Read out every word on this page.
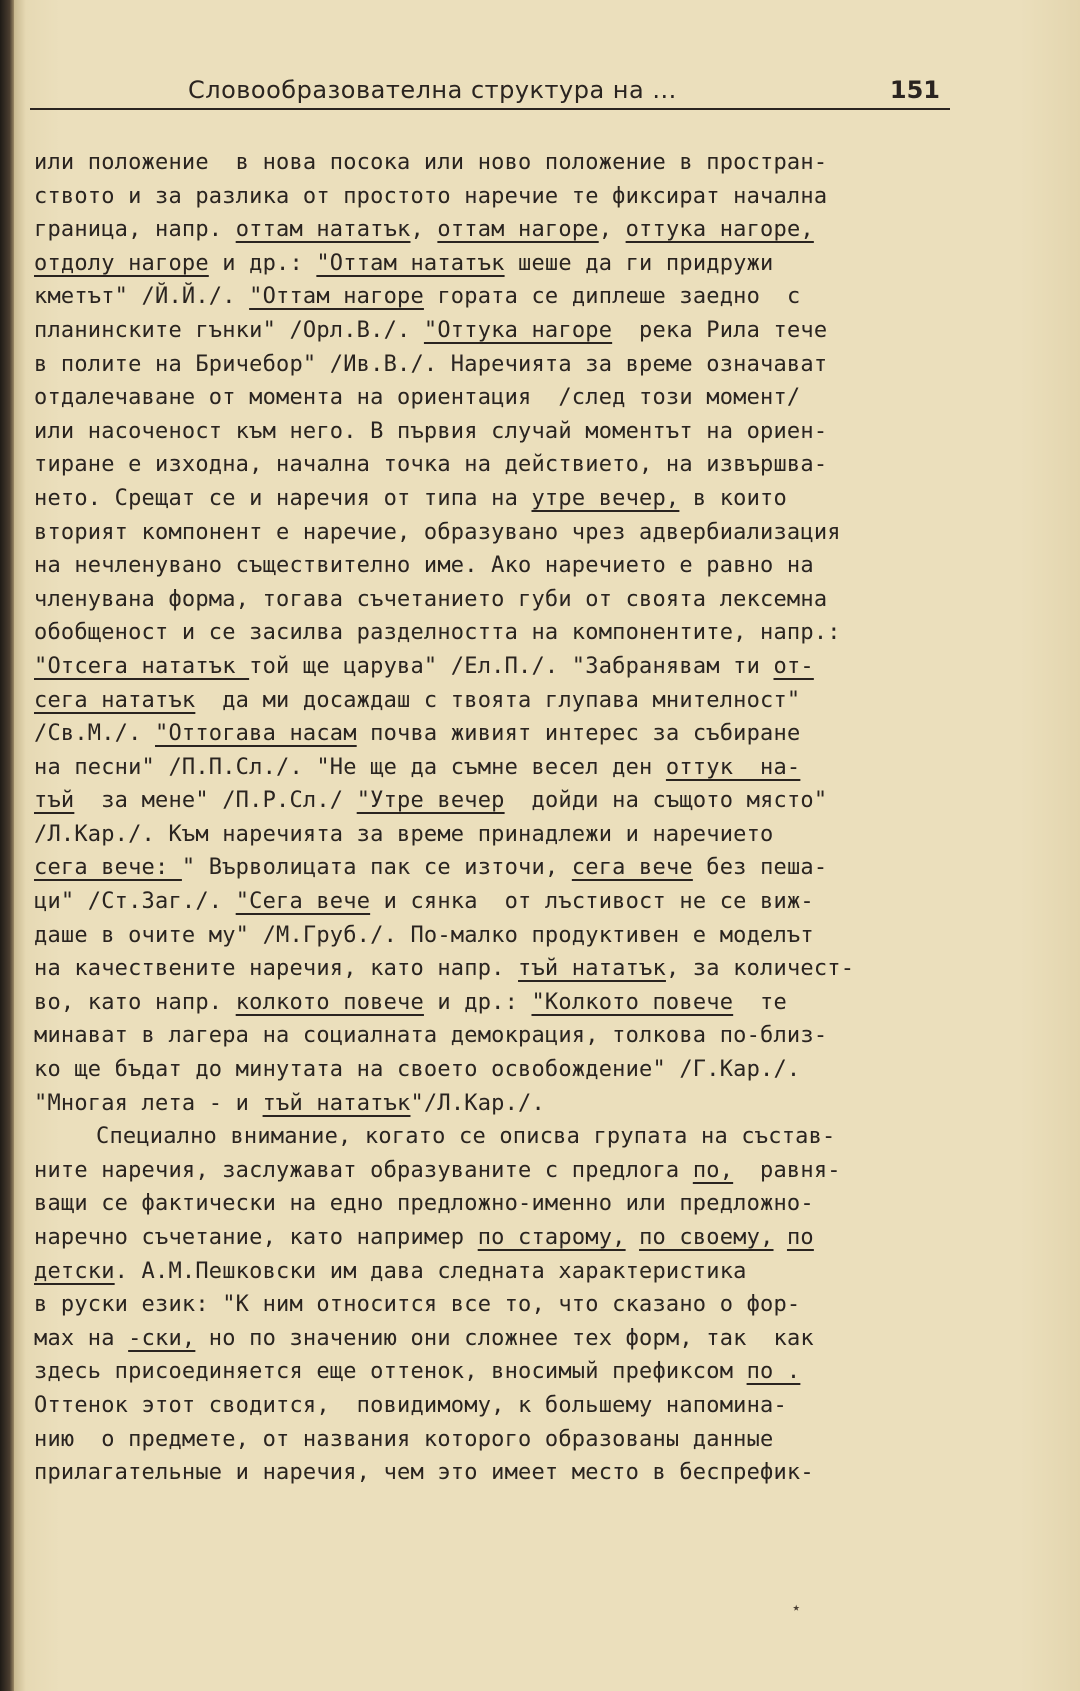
Словообразователна структура на ...	151
или положение  в нова посока или ново положение в простран-
ството и за разлика от простото наречие те фиксират начална
граница, напр. оттам нататък, оттам нагоре, оттука нагоре,
отдолу нагоре и др.: "Оттам нататък шеше да ги придружи
кметът" /Й.Й./. "Оттам нагоре гората се диплеше заедно  с
планинските гънки" /Орл.В./. "Оттука нагоре  река Рила тече
в полите на Бричебор" /Ив.В./. Наречията за време означават
отдалечаване от момента на ориентация  /след този момент/
или насоченост към него. В първия случай моментът на ориен-
тиране е изходна, начална точка на действието, на извършва-
нето. Срещат се и наречия от типа на утре вечер, в които
вторият компонент е наречие, образувано чрез адвербиализация
на нечленувано съществително име. Ако наречието е равно на
членувана форма, тогава съчетанието губи от своята лексемна
обобщеност и се засилва разделността на компонентите, напр.:
"Отсега нататък той ще царува" /Ел.П./. "Забранявам ти от-
сега нататък  да ми досаждаш с твоята глупава мнителност"
/Св.М./. "Оттогава насам почва живият интерес за събиране
на песни" /П.П.Сл./. "Не ще да съмне весел ден оттук  на-
тъй  за мене" /П.Р.Сл./ "Утре вечер  дойди на същото място"
/Л.Кар./. Към наречията за време принадлежи и наречието
сега вече: " Върволицата пак се източи, сега вече без пеша-
ци" /Ст.Заг./. "Сега вече и сянка  от лъстивост не се виж-
даше в очите му" /М.Груб./. По-малко продуктивен е моделът
на качествените наречия, като напр. тъй нататък, за количест-
во, като напр. колкото повече и др.: "Колкото повече  те
минават в лагера на социалната демокрация, толкова по-близ-
ко ще бъдат до минутата на своето освобождение" /Г.Кар./.
"Многая лета - и тъй нататък"/Л.Кар./.
Специално внимание, когато се описва групата на състав-
ните наречия, заслужават образуваните с предлога по,  равня-
ващи се фактически на едно предложно-именно или предложно-
наречно съчетание, като например по старому, по своему, по
детски. А.М.Пешковски им дава следната характеристика
в руски език: "К ним относится все то, что сказано о фор-
мах на -ски, но по значению они сложнее тех форм, так  как
здесь присоединяется еще оттенок, вносимый префиксом по .
Оттенок этот сводится,  повидимому, к большему напомина-
нию  о предмете, от названия которого образованы данные
прилагательные и наречия, чем это имеет место в беспрефик-
٭
